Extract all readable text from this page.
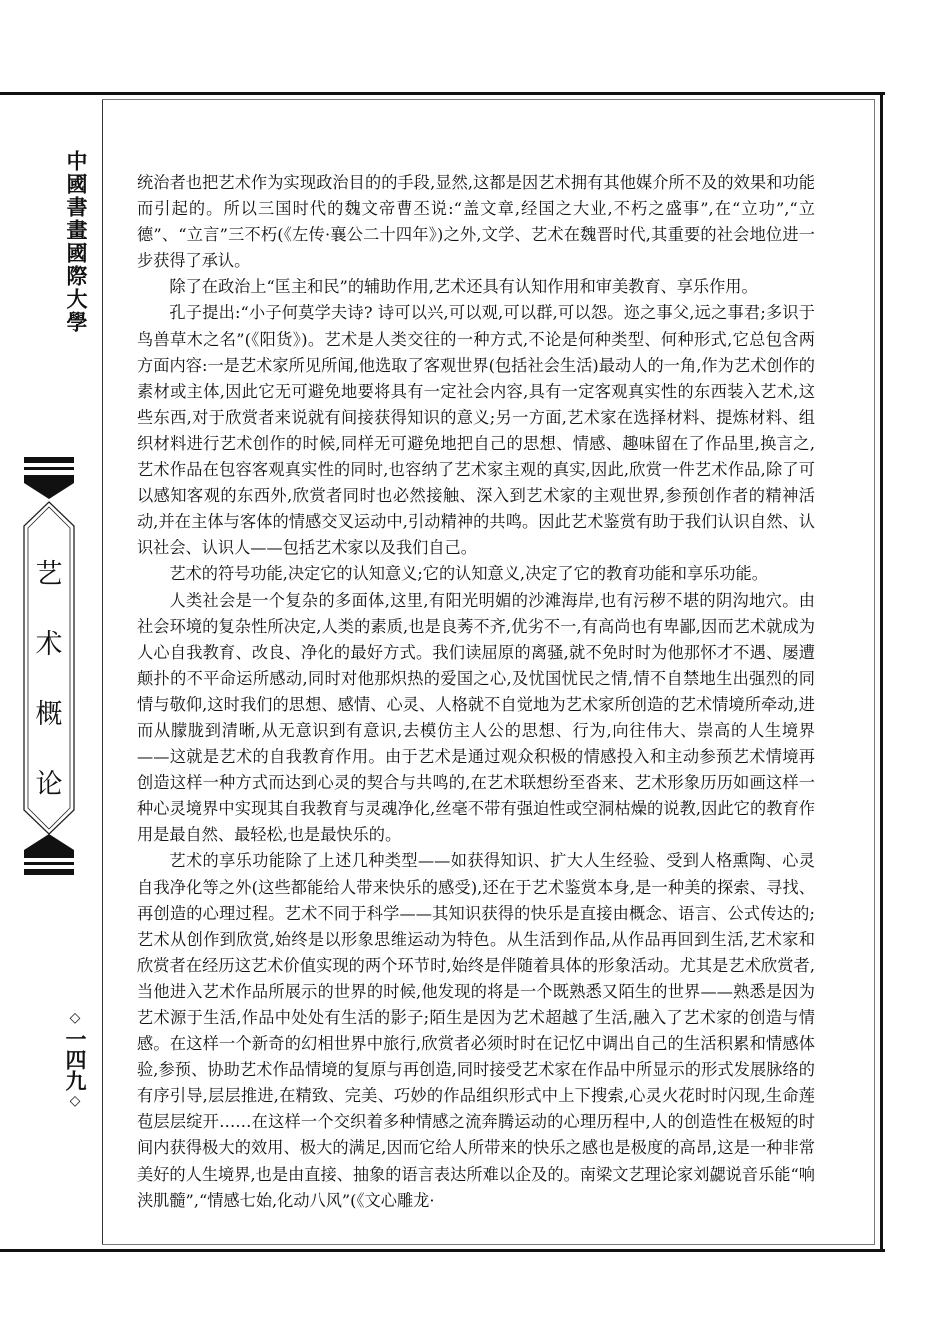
中國書畫國際大學
艺
术
概
论
◇
一四九
◇

统治者也把艺术作为实现政治目的的手段,显然,这都是因艺术拥有其他媒介所不及的效果和功能而引起的。所以三国时代的魏文帝曹丕说:“盖文章,经国之大业,不朽之盛事”,在“立功”,“立德”、“立言”三不朽(《左传·襄公二十四年》)之外,文学、艺术在魏晋时代,其重要的社会地位进一步获得了承认。

除了在政治上“匡主和民”的辅助作用,艺术还具有认知作用和审美教育、享乐作用。

孔子提出:“小子何莫学夫诗? 诗可以兴,可以观,可以群,可以怨。迩之事父,远之事君;多识于鸟兽草木之名”(《阳货》)。艺术是人类交往的一种方式,不论是何种类型、何种形式,它总包含两方面内容:一是艺术家所见所闻,他选取了客观世界(包括社会生活)最动人的一角,作为艺术创作的素材或主体,因此它无可避免地要将具有一定社会内容,具有一定客观真实性的东西装入艺术,这些东西,对于欣赏者来说就有间接获得知识的意义;另一方面,艺术家在选择材料、提炼材料、组织材料进行艺术创作的时候,同样无可避免地把自己的思想、情感、趣味留在了作品里,换言之,艺术作品在包容客观真实性的同时,也容纳了艺术家主观的真实,因此,欣赏一件艺术作品,除了可以感知客观的东西外,欣赏者同时也必然接触、深入到艺术家的主观世界,参预创作者的精神活动,并在主体与客体的情感交叉运动中,引动精神的共鸣。因此艺术鉴赏有助于我们认识自然、认识社会、认识人——包括艺术家以及我们自己。

艺术的符号功能,决定它的认知意义;它的认知意义,决定了它的教育功能和享乐功能。

人类社会是一个复杂的多面体,这里,有阳光明媚的沙滩海岸,也有污秽不堪的阴沟地穴。由社会环境的复杂性所决定,人类的素质,也是良莠不齐,优劣不一,有高尚也有卑鄙,因而艺术就成为人心自我教育、改良、净化的最好方式。我们读屈原的离骚,就不免时时为他那怀才不遇、屡遭颠扑的不平命运所感动,同时对他那炽热的爱国之心,及忧国忧民之情,情不自禁地生出强烈的同情与敬仰,这时我们的思想、感情、心灵、人格就不自觉地为艺术家所创造的艺术情境所牵动,进而从朦胧到清晰,从无意识到有意识,去模仿主人公的思想、行为,向往伟大、崇高的人生境界——这就是艺术的自我教育作用。由于艺术是通过观众积极的情感投入和主动参预艺术情境再创造这样一种方式而达到心灵的契合与共鸣的,在艺术联想纷至沓来、艺术形象历历如画这样一种心灵境界中实现其自我教育与灵魂净化,丝毫不带有强迫性或空洞枯燥的说教,因此它的教育作用是最自然、最轻松,也是最快乐的。

艺术的享乐功能除了上述几种类型——如获得知识、扩大人生经验、受到人格熏陶、心灵自我净化等之外(这些都能给人带来快乐的感受),还在于艺术鉴赏本身,是一种美的探索、寻找、再创造的心理过程。艺术不同于科学——其知识获得的快乐是直接由概念、语言、公式传达的;艺术从创作到欣赏,始终是以形象思维运动为特色。从生活到作品,从作品再回到生活,艺术家和欣赏者在经历这艺术价值实现的两个环节时,始终是伴随着具体的形象活动。尤其是艺术欣赏者,当他进入艺术作品所展示的世界的时候,他发现的将是一个既熟悉又陌生的世界——熟悉是因为艺术源于生活,作品中处处有生活的影子;陌生是因为艺术超越了生活,融入了艺术家的创造与情感。在这样一个新奇的幻相世界中旅行,欣赏者必须时时在记忆中调出自己的生活积累和情感体验,参预、协助艺术作品情境的复原与再创造,同时接受艺术家在作品中所显示的形式发展脉络的有序引导,层层推进,在精致、完美、巧妙的作品组织形式中上下搜索,心灵火花时时闪现,生命莲苞层层绽开……在这样一个交织着多种情感之流奔腾运动的心理历程中,人的创造性在极短的时间内获得极大的效用、极大的满足,因而它给人所带来的快乐之感也是极度的高昂,这是一种非常美好的人生境界,也是由直接、抽象的语言表达所难以企及的。南梁文艺理论家刘勰说音乐能“响浃肌髓”,“情感七始,化动八风”(《文心雕龙·
